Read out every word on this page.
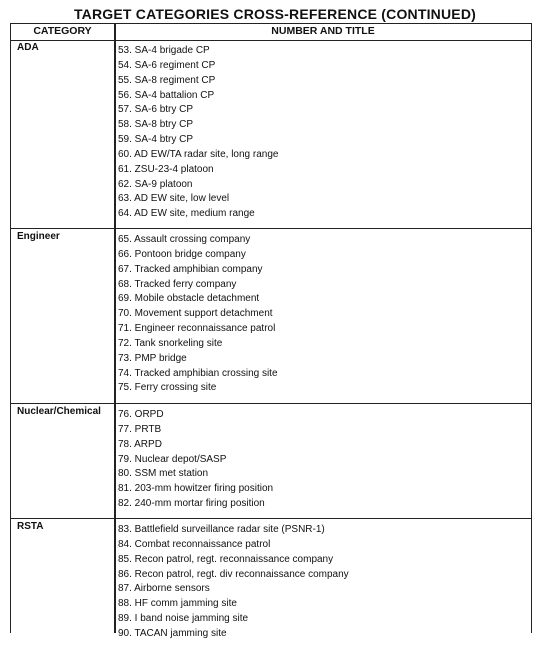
TARGET CATEGORIES CROSS-REFERENCE (CONTINUED)
CATEGORY	NUMBER AND TITLE
ADA	53. SA-4 brigade CP
54. SA-6 regiment CP
55. SA-8 regiment CP
56. SA-4 battalion CP
57. SA-6 btry CP
58. SA-8 btry CP
59. SA-4 btry CP
60. AD EW/TA radar site, long range
61. ZSU-23-4 platoon
62. SA-9 platoon
63. AD EW site, low level
64. AD EW site, medium range
Engineer	65. Assault crossing company
66. Pontoon bridge company
67. Tracked amphibian company
68. Tracked ferry company
69. Mobile obstacle detachment
70. Movement support detachment
71. Engineer reconnaissance patrol
72. Tank snorkeling site
73. PMP bridge
74. Tracked amphibian crossing site
75. Ferry crossing site
Nuclear/Chemical 76. ORPD
77. PRTB
78. ARPD
79. Nuclear depot/SASP
80. SSM met station
81. 203-mm howitzer firing position
82. 240-mm mortar firing position
RSTA	83. Battlefield surveillance radar site (PSNR-1)
84. Combat reconnaissance patrol
85. Recon patrol, regt. reconnaissance company
86. Recon patrol, regt. div reconnaissance company
87. Airborne sensors
88. HF comm jamming site
89. I band noise jamming site
90. TACAN jamming site
